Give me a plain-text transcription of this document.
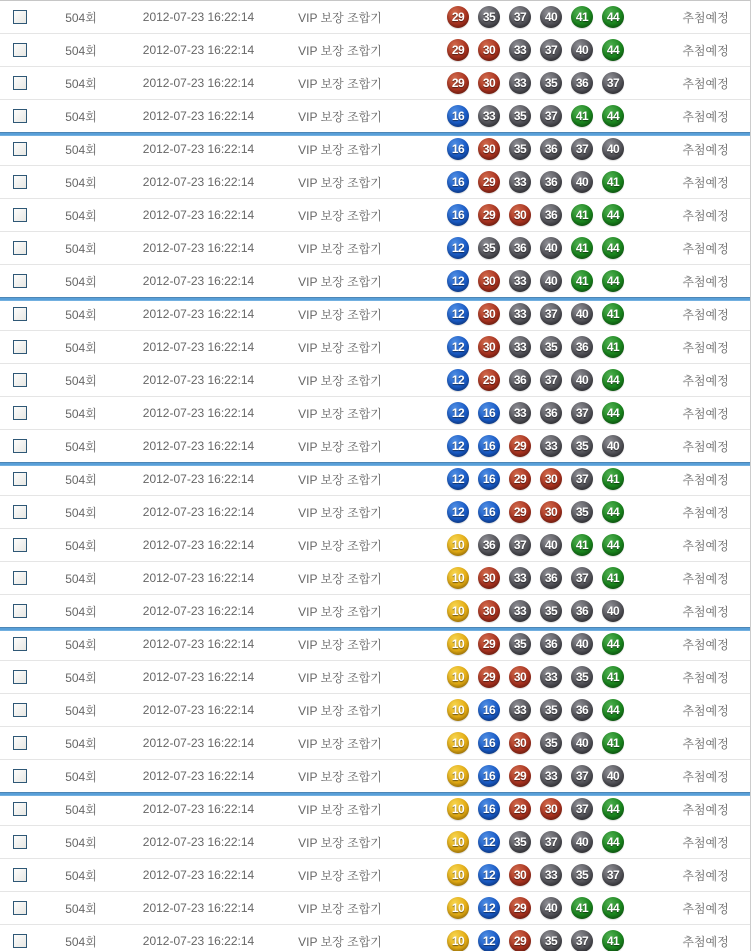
504회	2012-07-23 16:22:14	VIP 보장 조합기	29	35	37	40	41	44	추첨예정
504회	2012-07-23 16:22:14	VIP 보장 조합기	29	30	33	37	40	44	추첨예정
504회	2012-07-23 16:22:14	VIP 보장 조합기	29	30	33	35	36	37	추첨예정
504회	2012-07-23 16:22:14	VIP 보장 조합기	16	33	35	37	41	44	추첨예정
504회	2012-07-23 16:22:14	VIP 보장 조합기	16	30	35	36	37	40	추첨예정
504회	2012-07-23 16:22:14	VIP 보장 조합기	16	29	33	36	40	41	추첨예정
504회	2012-07-23 16:22:14	VIP 보장 조합기	16	29	30	36	41	44	추첨예정
504회	2012-07-23 16:22:14	VIP 보장 조합기	12	35	36	40	41	44	추첨예정
504회	2012-07-23 16:22:14	VIP 보장 조합기	12	30	33	40	41	44	추첨예정
504회	2012-07-23 16:22:14	VIP 보장 조합기	12	30	33	37	40	41	추첨예정
504회	2012-07-23 16:22:14	VIP 보장 조합기	12	30	33	35	36	41	추첨예정
504회	2012-07-23 16:22:14	VIP 보장 조합기	12	29	36	37	40	44	추첨예정
504회	2012-07-23 16:22:14	VIP 보장 조합기	12	16	33	36	37	44	추첨예정
504회	2012-07-23 16:22:14	VIP 보장 조합기	12	16	29	33	35	40	추첨예정
504회	2012-07-23 16:22:14	VIP 보장 조합기	12	16	29	30	37	41	추첨예정
504회	2012-07-23 16:22:14	VIP 보장 조합기	12	16	29	30	35	44	추첨예정
504회	2012-07-23 16:22:14	VIP 보장 조합기	10	36	37	40	41	44	추첨예정
504회	2012-07-23 16:22:14	VIP 보장 조합기	10	30	33	36	37	41	추첨예정
504회	2012-07-23 16:22:14	VIP 보장 조합기	10	30	33	35	36	40	추첨예정
504회	2012-07-23 16:22:14	VIP 보장 조합기	10	29	35	36	40	44	추첨예정
504회	2012-07-23 16:22:14	VIP 보장 조합기	10	29	30	33	35	41	추첨예정
504회	2012-07-23 16:22:14	VIP 보장 조합기	10	16	33	35	36	44	추첨예정
504회	2012-07-23 16:22:14	VIP 보장 조합기	10	16	30	35	40	41	추첨예정
504회	2012-07-23 16:22:14	VIP 보장 조합기	10	16	29	33	37	40	추첨예정
504회	2012-07-23 16:22:14	VIP 보장 조합기	10	16	29	30	37	44	추첨예정
504회	2012-07-23 16:22:14	VIP 보장 조합기	10	12	35	37	40	44	추첨예정
504회	2012-07-23 16:22:14	VIP 보장 조합기	10	12	30	33	35	37	추첨예정
504회	2012-07-23 16:22:14	VIP 보장 조합기	10	12	29	40	41	44	추첨예정
504회	2012-07-23 16:22:14	VIP 보장 조합기	10	12	29	35	37	41	추첨예정
